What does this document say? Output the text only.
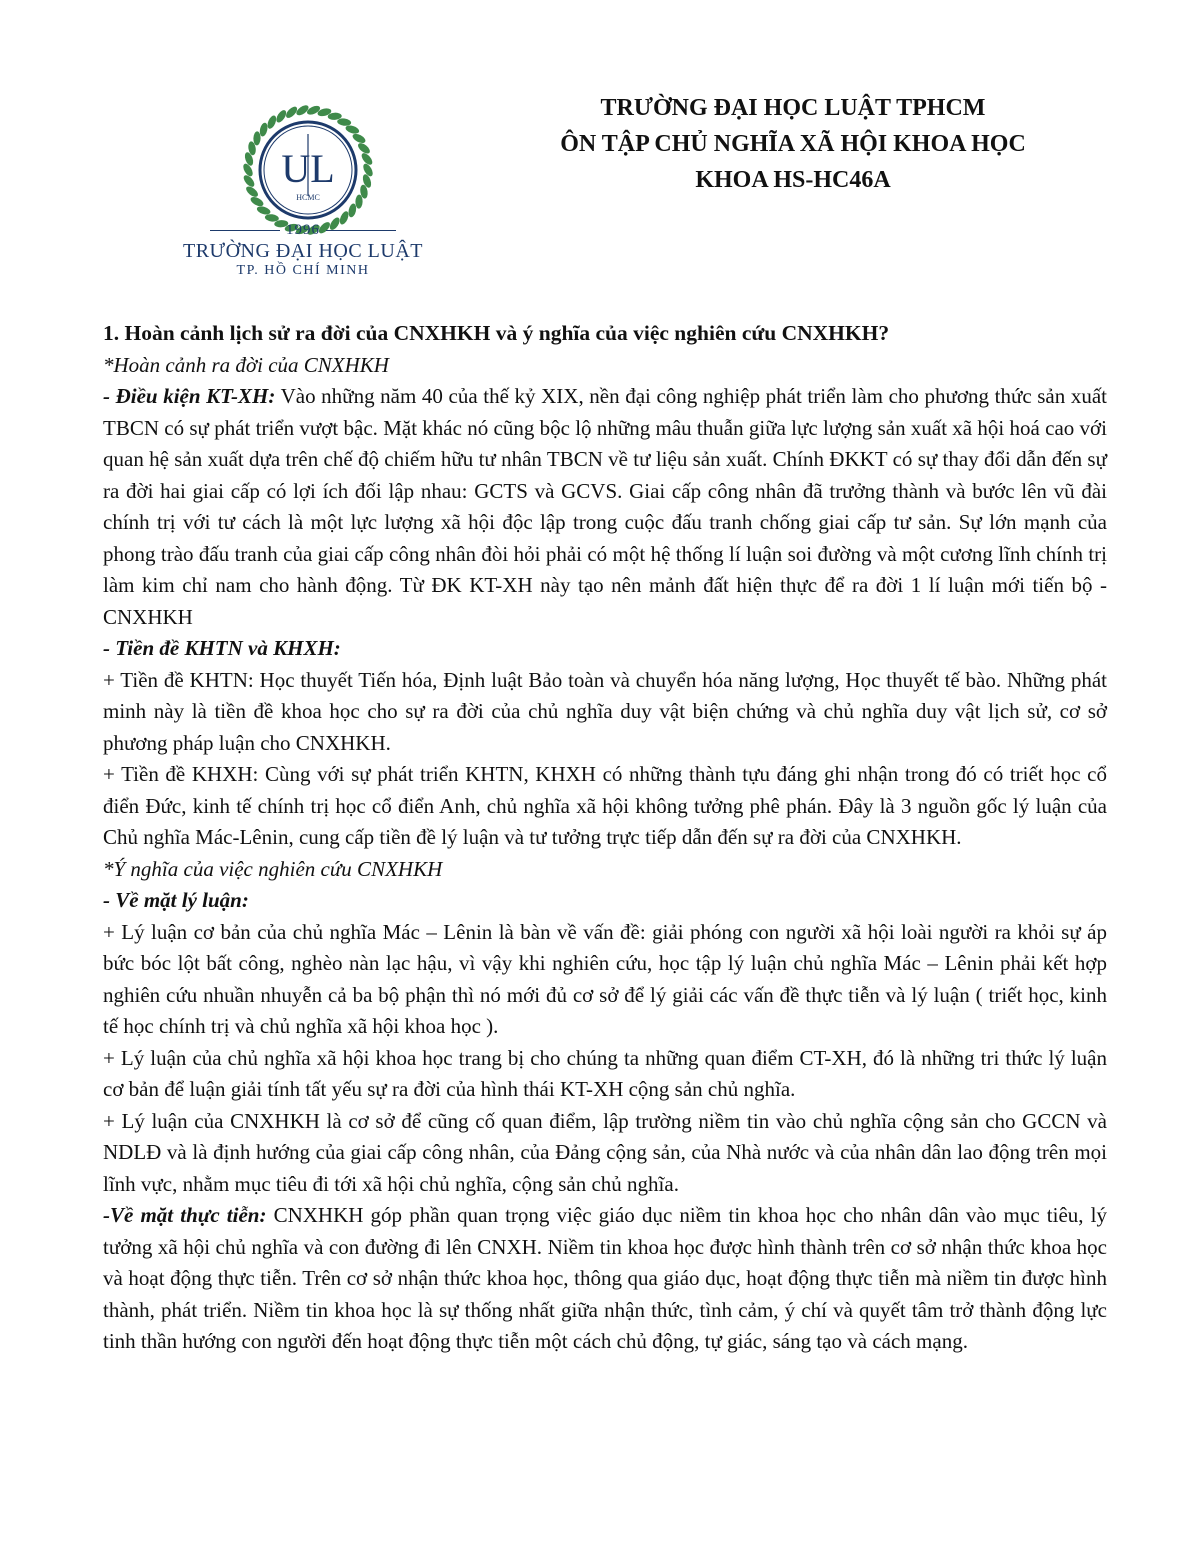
UL
HCMC
1996
TRƯỜNG ĐẠI HỌC LUẬT
TP. HỒ CHÍ MINH
TRƯỜNG ĐẠI HỌC LUẬT TPHCM
ÔN TẬP CHỦ NGHĨA XÃ HỘI KHOA HỌC
KHOA HS-HC46A

1. Hoàn cảnh lịch sử ra đời của CNXHKH và ý nghĩa của việc nghiên cứu CNXHKH?

*Hoàn cảnh ra đời của CNXHKH

- Điều kiện KT-XH: Vào những năm 40 của thế kỷ XIX, nền đại công nghiệp phát triển làm cho phương thức sản xuất TBCN có sự phát triển vượt bậc. Mặt khác nó cũng bộc lộ những mâu thuẫn giữa lực lượng sản xuất xã hội hoá cao với quan hệ sản xuất dựa trên chế độ chiếm hữu tư nhân TBCN về tư liệu sản xuất. Chính ĐKKT có sự thay đổi dẫn đến sự ra đời hai giai cấp có lợi ích đối lập nhau: GCTS và GCVS. Giai cấp công nhân đã trưởng thành và bước lên vũ đài chính trị với tư cách là một lực lượng xã hội độc lập trong cuộc đấu tranh chống giai cấp tư sản. Sự lớn mạnh của phong trào đấu tranh của giai cấp công nhân đòi hỏi phải có một hệ thống lí luận soi đường và một cương lĩnh chính trị làm kim chỉ nam cho hành động. Từ ĐK KT-XH này tạo nên mảnh đất hiện thực để ra đời 1 lí luận mới tiến bộ - CNXHKH

- Tiền đề KHTN và KHXH:

+ Tiền đề KHTN: Học thuyết Tiến hóa, Định luật Bảo toàn và chuyển hóa năng lượng, Học thuyết tế bào. Những phát minh này là tiền đề khoa học cho sự ra đời của chủ nghĩa duy vật biện chứng và chủ nghĩa duy vật lịch sử, cơ sở phương pháp luận cho CNXHKH.

+ Tiền đề KHXH: Cùng với sự phát triển KHTN, KHXH có những thành tựu đáng ghi nhận trong đó có triết học cổ điển Đức, kinh tế chính trị học cổ điển Anh, chủ nghĩa xã hội không tưởng phê phán. Đây là 3 nguồn gốc lý luận của Chủ nghĩa Mác-Lênin, cung cấp tiền đề lý luận và tư tưởng trực tiếp dẫn đến sự ra đời của CNXHKH.

*Ý nghĩa của việc nghiên cứu CNXHKH

- Về mặt lý luận:

+ Lý luận cơ bản của chủ nghĩa Mác – Lênin là bàn về vấn đề: giải phóng con người xã hội loài người ra khỏi sự áp bức bóc lột bất công, nghèo nàn lạc hậu, vì vậy khi nghiên cứu, học tập lý luận chủ nghĩa Mác – Lênin phải kết hợp nghiên cứu nhuần nhuyễn cả ba bộ phận thì nó mới đủ cơ sở để lý giải các vấn đề thực tiễn và lý luận ( triết học, kinh tế học chính trị và chủ nghĩa xã hội khoa học ).

+ Lý luận của chủ nghĩa xã hội khoa học trang bị cho chúng ta những quan điểm CT-XH, đó là những tri thức lý luận cơ bản để luận giải tính tất yếu sự ra đời của hình thái KT-XH cộng sản chủ nghĩa.

+ Lý luận của CNXHKH là cơ sở để cũng cố quan điểm, lập trường niềm tin vào chủ nghĩa cộng sản cho GCCN và NDLĐ và là định hướng của giai cấp công nhân, của Đảng cộng sản, của Nhà nước và của nhân dân lao động trên mọi lĩnh vực, nhằm mục tiêu đi tới xã hội chủ nghĩa, cộng sản chủ nghĩa.

-Về mặt thực tiễn: CNXHKH góp phần quan trọng việc giáo dục niềm tin khoa học cho nhân dân vào mục tiêu, lý tưởng xã hội chủ nghĩa và con đường đi lên CNXH. Niềm tin khoa học được hình thành trên cơ sở nhận thức khoa học và hoạt động thực tiễn. Trên cơ sở nhận thức khoa học, thông qua giáo dục, hoạt động thực tiễn mà niềm tin được hình thành, phát triển. Niềm tin khoa học là sự thống nhất giữa nhận thức, tình cảm, ý chí và quyết tâm trở thành động lực tinh thần hướng con người đến hoạt động thực tiễn một cách chủ động, tự giác, sáng tạo và cách mạng.
